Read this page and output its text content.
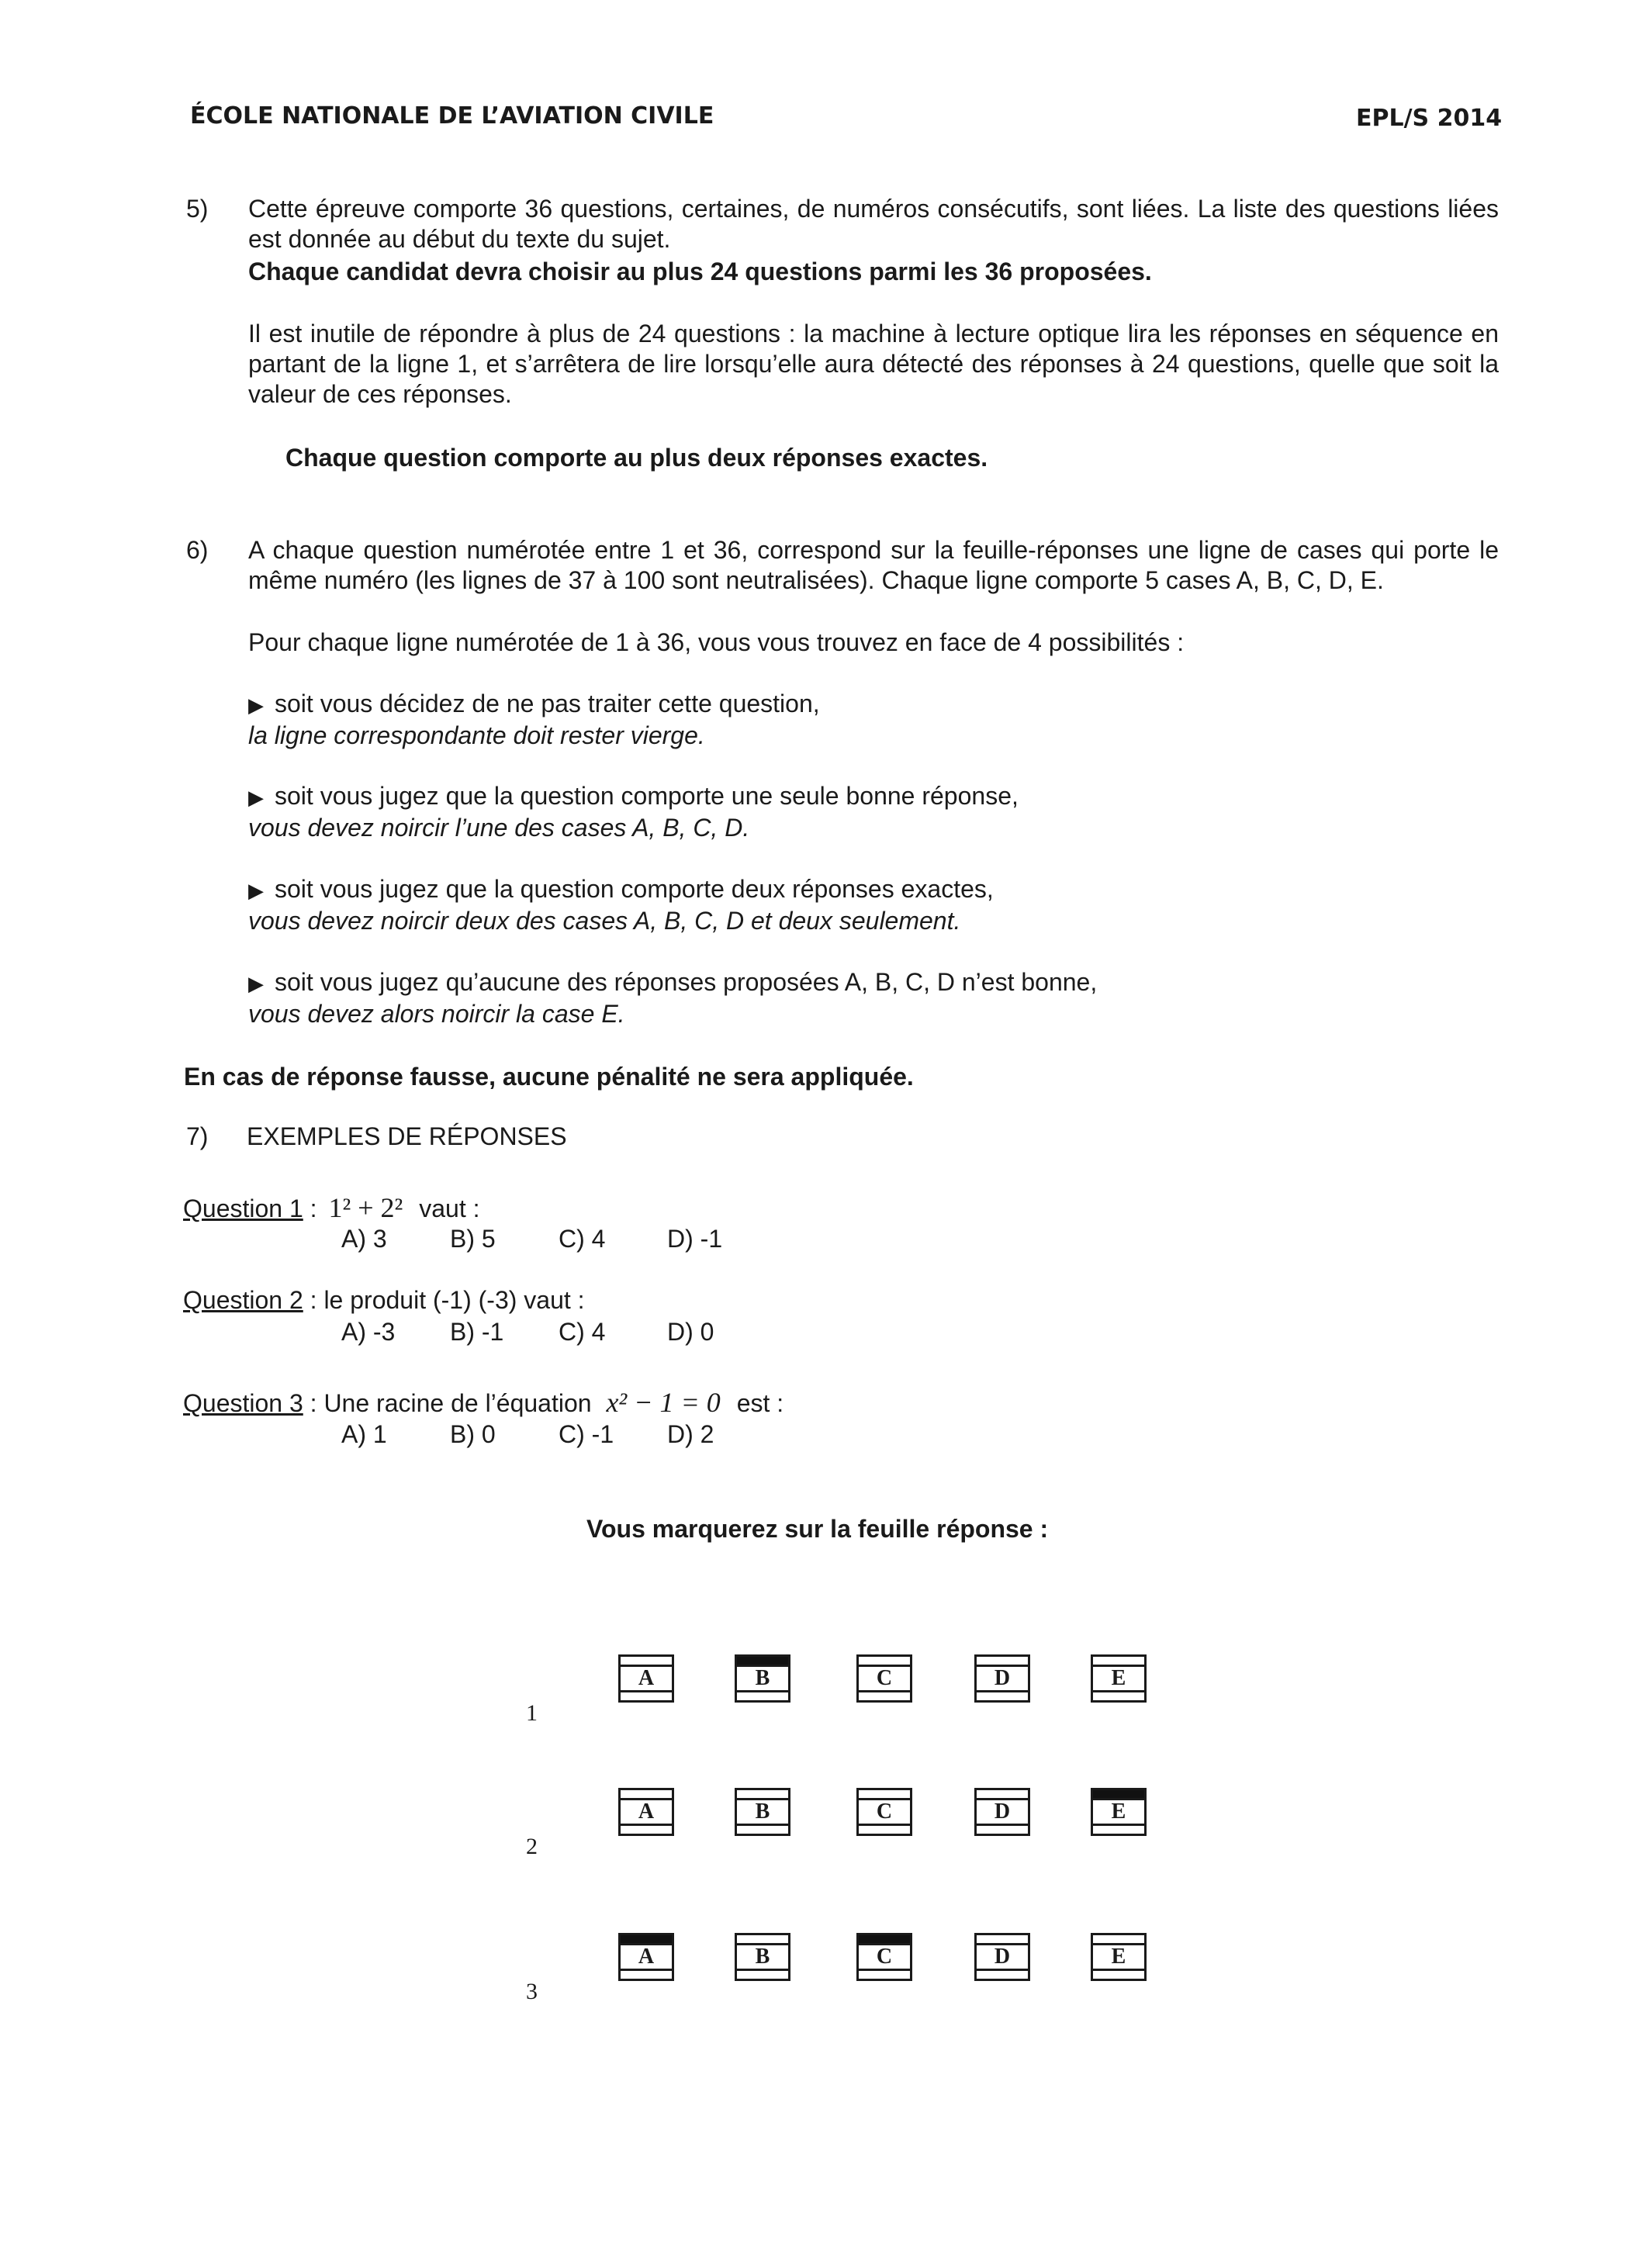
ÉCOLE NATIONALE DE L’AVIATION CIVILE	EPL/S 2014
5) Cette épreuve comporte 36 questions, certaines, de numéros consécutifs, sont liées. La liste des questions liées est donnée au début du texte du sujet.
Chaque candidat devra choisir au plus 24 questions parmi les 36 proposées.
Il est inutile de répondre à plus de 24 questions : la machine à lecture optique lira les réponses en séquence en partant de la ligne 1, et s’arrêtera de lire lorsqu’elle aura détecté des réponses à 24 questions, quelle que soit la valeur de ces réponses.
Chaque question comporte au plus deux réponses exactes.
6) A chaque question numérotée entre 1 et 36, correspond sur la feuille-réponses une ligne de cases qui porte le même numéro (les lignes de 37 à 100 sont neutralisées). Chaque ligne comporte 5 cases A, B, C, D, E.
Pour chaque ligne numérotée de 1 à 36, vous vous trouvez en face de 4 possibilités :
▶ soit vous décidez de ne pas traiter cette question,
la ligne correspondante doit rester vierge.
▶ soit vous jugez que la question comporte une seule bonne réponse,
vous devez noircir l’une des cases A, B, C, D.
▶ soit vous jugez que la question comporte deux réponses exactes,
vous devez noircir deux des cases A, B, C, D et deux seulement.
▶ soit vous jugez qu’aucune des réponses proposées A, B, C, D n’est bonne,
vous devez alors noircir la case E.
En cas de réponse fausse, aucune pénalité ne sera appliquée.
7) EXEMPLES DE RÉPONSES
Question 1 : 1² + 2² vaut :
A) 3	B) 5	C) 4 D) -1
Question 2 : le produit (-1) (-3) vaut :
A) -3 B) -1 C) 4 D) 0
Question 3 : Une racine de l’équation x² − 1 = 0 est :
A) 1	B) 0	C) -1 D) 2
Vous marquerez sur la feuille réponse :
1
A	B	C	D	E
2
A	B	C	D	E
3
A	B	C	D	E
